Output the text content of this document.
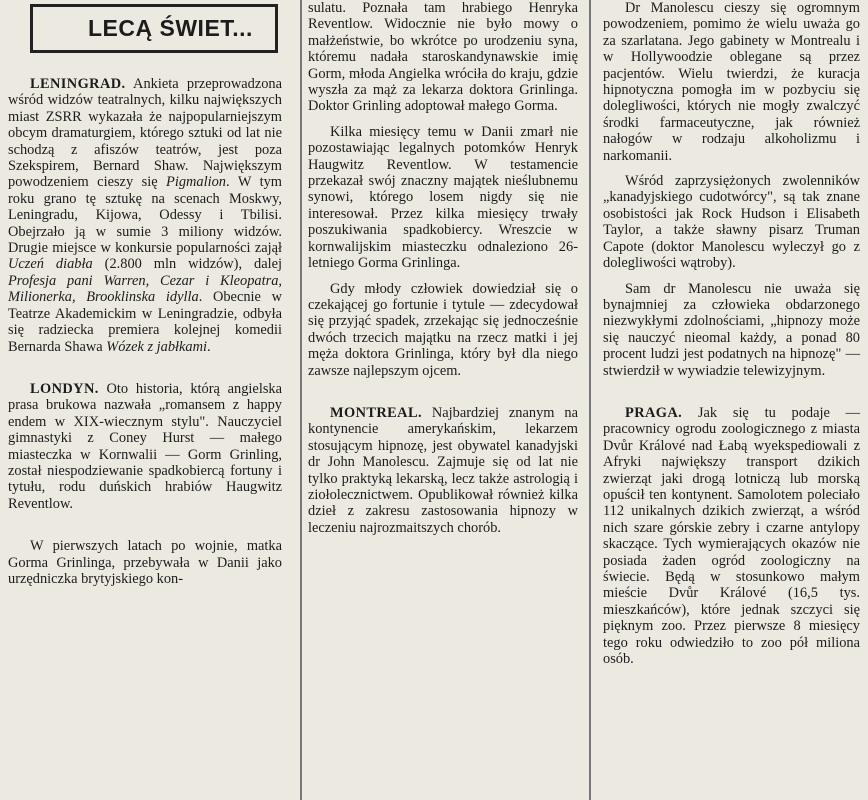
LECĄ ŚWIET...

LENINGRAD. Ankieta przeprowadzona wśród widzów teatralnych, kilku największych miast ZSRR wykazała że najpopularniejszym obcym dramaturgiem, którego sztuki od lat nie schodzą z afiszów teatrów, jest poza Szekspirem, Bernard Shaw. Największym powodzeniem cieszy się Pigmalion. W tym roku grano tę sztukę na scenach Moskwy, Leningradu, Kijowa, Odessy i Tbilisi. Obejrzało ją w sumie 3 miliony widzów. Drugie miejsce w konkursie popularności zajął Uczeń diabła (2.800 mln widzów), dalej Profesja pani Warren, Cezar i Kleopatra, Milionerka, Brooklinska idylla. Obecnie w Teatrze Akademickim w Leningradzie, odbyła się radziecka premiera kolejnej komedii Bernarda Shawa Wózek z jabłkami.

LONDYN. Oto historia, którą angielska prasa brukowa nazwała „romansem z happy endem w XIX-wiecznym stylu". Nauczyciel gimnastyki z Coney Hurst — małego miasteczka w Kornwalii — Gorm Grinling, został niespodziewanie spadkobiercą fortuny i tytułu, rodu duńskich hrabiów Haugwitz Reventlow.

W pierwszych latach po wojnie, matka Gorma Grinlinga, przebywała w Danii jako urzędniczka brytyjskiego kon-

sulatu. Poznała tam hrabiego Henryka Reventlow. Widocznie nie było mowy o małżeństwie, bo wkrótce po urodzeniu syna, któremu nadała staroskandynawskie imię Gorm, młoda Angielka wróciła do kraju, gdzie wyszła za mąż za lekarza doktora Grinlinga. Doktor Grinling adoptował małego Gorma.

Kilka miesięcy temu w Danii zmarł nie pozostawiając legalnych potomków Henryk Haugwitz Reventlow. W testamencie przekazał swój znaczny majątek nieślubnemu synowi, którego losem nigdy się nie interesował. Przez kilka miesięcy trwały poszukiwania spadkobiercy. Wreszcie w kornwalijskim miasteczku odnaleziono 26-letniego Gorma Grinlinga.

Gdy młody człowiek dowiedział się o czekającej go fortunie i tytule — zdecydował się przyjąć spadek, zrzekając się jednocześnie dwóch trzecich majątku na rzecz matki i jej męża doktora Grinlinga, który był dla niego zawsze najlepszym ojcem.

MONTREAL. Najbardziej znanym na kontynencie amerykańskim, lekarzem stosującym hipnozę, jest obywatel kanadyjski dr John Manolescu. Zajmuje się od lat nie tylko praktyką lekarską, lecz także astrologią i ziołolecznictwem. Opublikował również kilka dzieł z zakresu zastosowania hipnozy w leczeniu najrozmaitszych chorób.

Dr Manolescu cieszy się ogromnym powodzeniem, pomimo że wielu uważa go za szarlatana. Jego gabinety w Montrealu i w Hollywoodzie oblegane są przez pacjentów. Wielu twierdzi, że kuracja hipnotyczna pomogła im w pozbyciu się dolegliwości, których nie mogły zwalczyć środki farmaceutyczne, jak również nałogów w rodzaju alkoholizmu i narkomanii.

Wśród zaprzysiężonych zwolenników „kanadyjskiego cudotwórcy", są tak znane osobistości jak Rock Hudson i Elisabeth Taylor, a także sławny pisarz Truman Capote (doktor Manolescu wyleczył go z dolegliwości wątroby).

Sam dr Manolescu nie uważa się bynajmniej za człowieka obdarzonego niezwykłymi zdolnościami, „hipnozy może się nauczyć nieomal każdy, a ponad 80 procent ludzi jest podatnych na hipnozę" — stwierdził w wywiadzie telewizyjnym.

PRAGA. Jak się tu podaje — pracownicy ogrodu zoologicznego z miasta Dvůr Králové nad Łabą wyekspediowali z Afryki największy transport dzikich zwierząt jaki drogą lotniczą lub morską opuścił ten kontynent. Samolotem poleciało 112 unikalnych dzikich zwierząt, a wśród nich szare górskie zebry i czarne antylopy skaczące. Tych wymierających okazów nie posiada żaden ogród zoologiczny na świecie. Będą w stosunkowo małym mieście Dvůr Králové (16,5 tys. mieszkańców), które jednak szczyci się pięknym zoo. Przez pierwsze 8 miesięcy tego roku odwiedziło to zoo pół miliona osób.
